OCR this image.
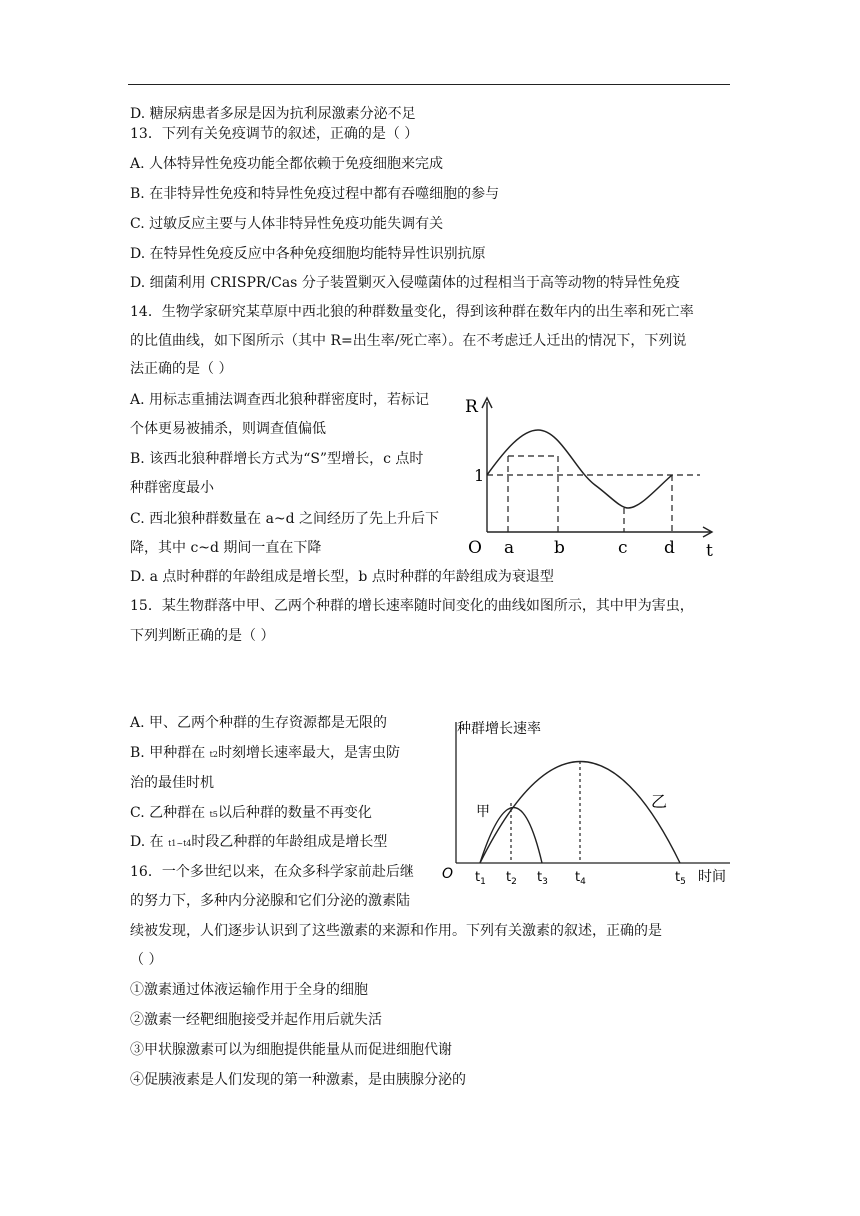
D. 糖尿病患者多尿是因为抗利尿激素分泌不足
13．下列有关免疫调节的叙述，正确的是（ ）
A. 人体特异性免疫功能全都依赖于免疫细胞来完成
B. 在非特异性免疫和特异性免疫过程中都有吞噬细胞的参与
C. 过敏反应主要与人体非特异性免疫功能失调有关
D. 在特异性免疫反应中各种免疫细胞均能特异性识别抗原
D. 细菌利用 CRISPR/Cas 分子装置剿灭入侵噬菌体的过程相当于高等动物的特异性免疫
14．生物学家研究某草原中西北狼的种群数量变化，得到该种群在数年内的出生率和死亡率
的比值曲线，如下图所示（其中 R=出生率/死亡率）。在不考虑迁人迁出的情况下，下列说
法正确的是（ ）
A. 用标志重捕法调查西北狼种群密度时，若标记
个体更易被捕杀，则调查值偏低
B. 该西北狼种群增长方式为“S”型增长，c 点时
种群密度最小
C. 西北狼种群数量在 a~d 之间经历了先上升后下
降，其中 c~d 期间一直在下降
D. a 点时种群的年龄组成是增长型，b 点时种群的年龄组成为衰退型
15．某生物群落中甲、乙两个种群的增长速率随时间变化的曲线如图所示，其中甲为害虫，
下列判断正确的是（ ）
A. 甲、乙两个种群的生存资源都是无限的
B. 甲种群在 t2时刻增长速率最大，是害虫防
治的最佳时机
C. 乙种群在 t5以后种群的数量不再变化
D. 在 t1~t4时段乙种群的年龄组成是增长型
16．一个多世纪以来，在众多科学家前赴后继
的努力下，多种内分泌腺和它们分泌的激素陆
续被发现，人们逐步认识到了这些激素的来源和作用。下列有关激素的叙述，正确的是
（ ）
①激素通过体液运输作用于全身的细胞
②激素一经靶细胞接受并起作用后就失活
③甲状腺激素可以为细胞提供能量从而促进细胞代谢
④促胰液素是人们发现的第一种激素，是由胰腺分泌的
R
1
O a b	c d t
种群增长速率
甲
乙
O $t_1$ $t_2$ $t_3$ $t_4$	$t_5$ 时间
